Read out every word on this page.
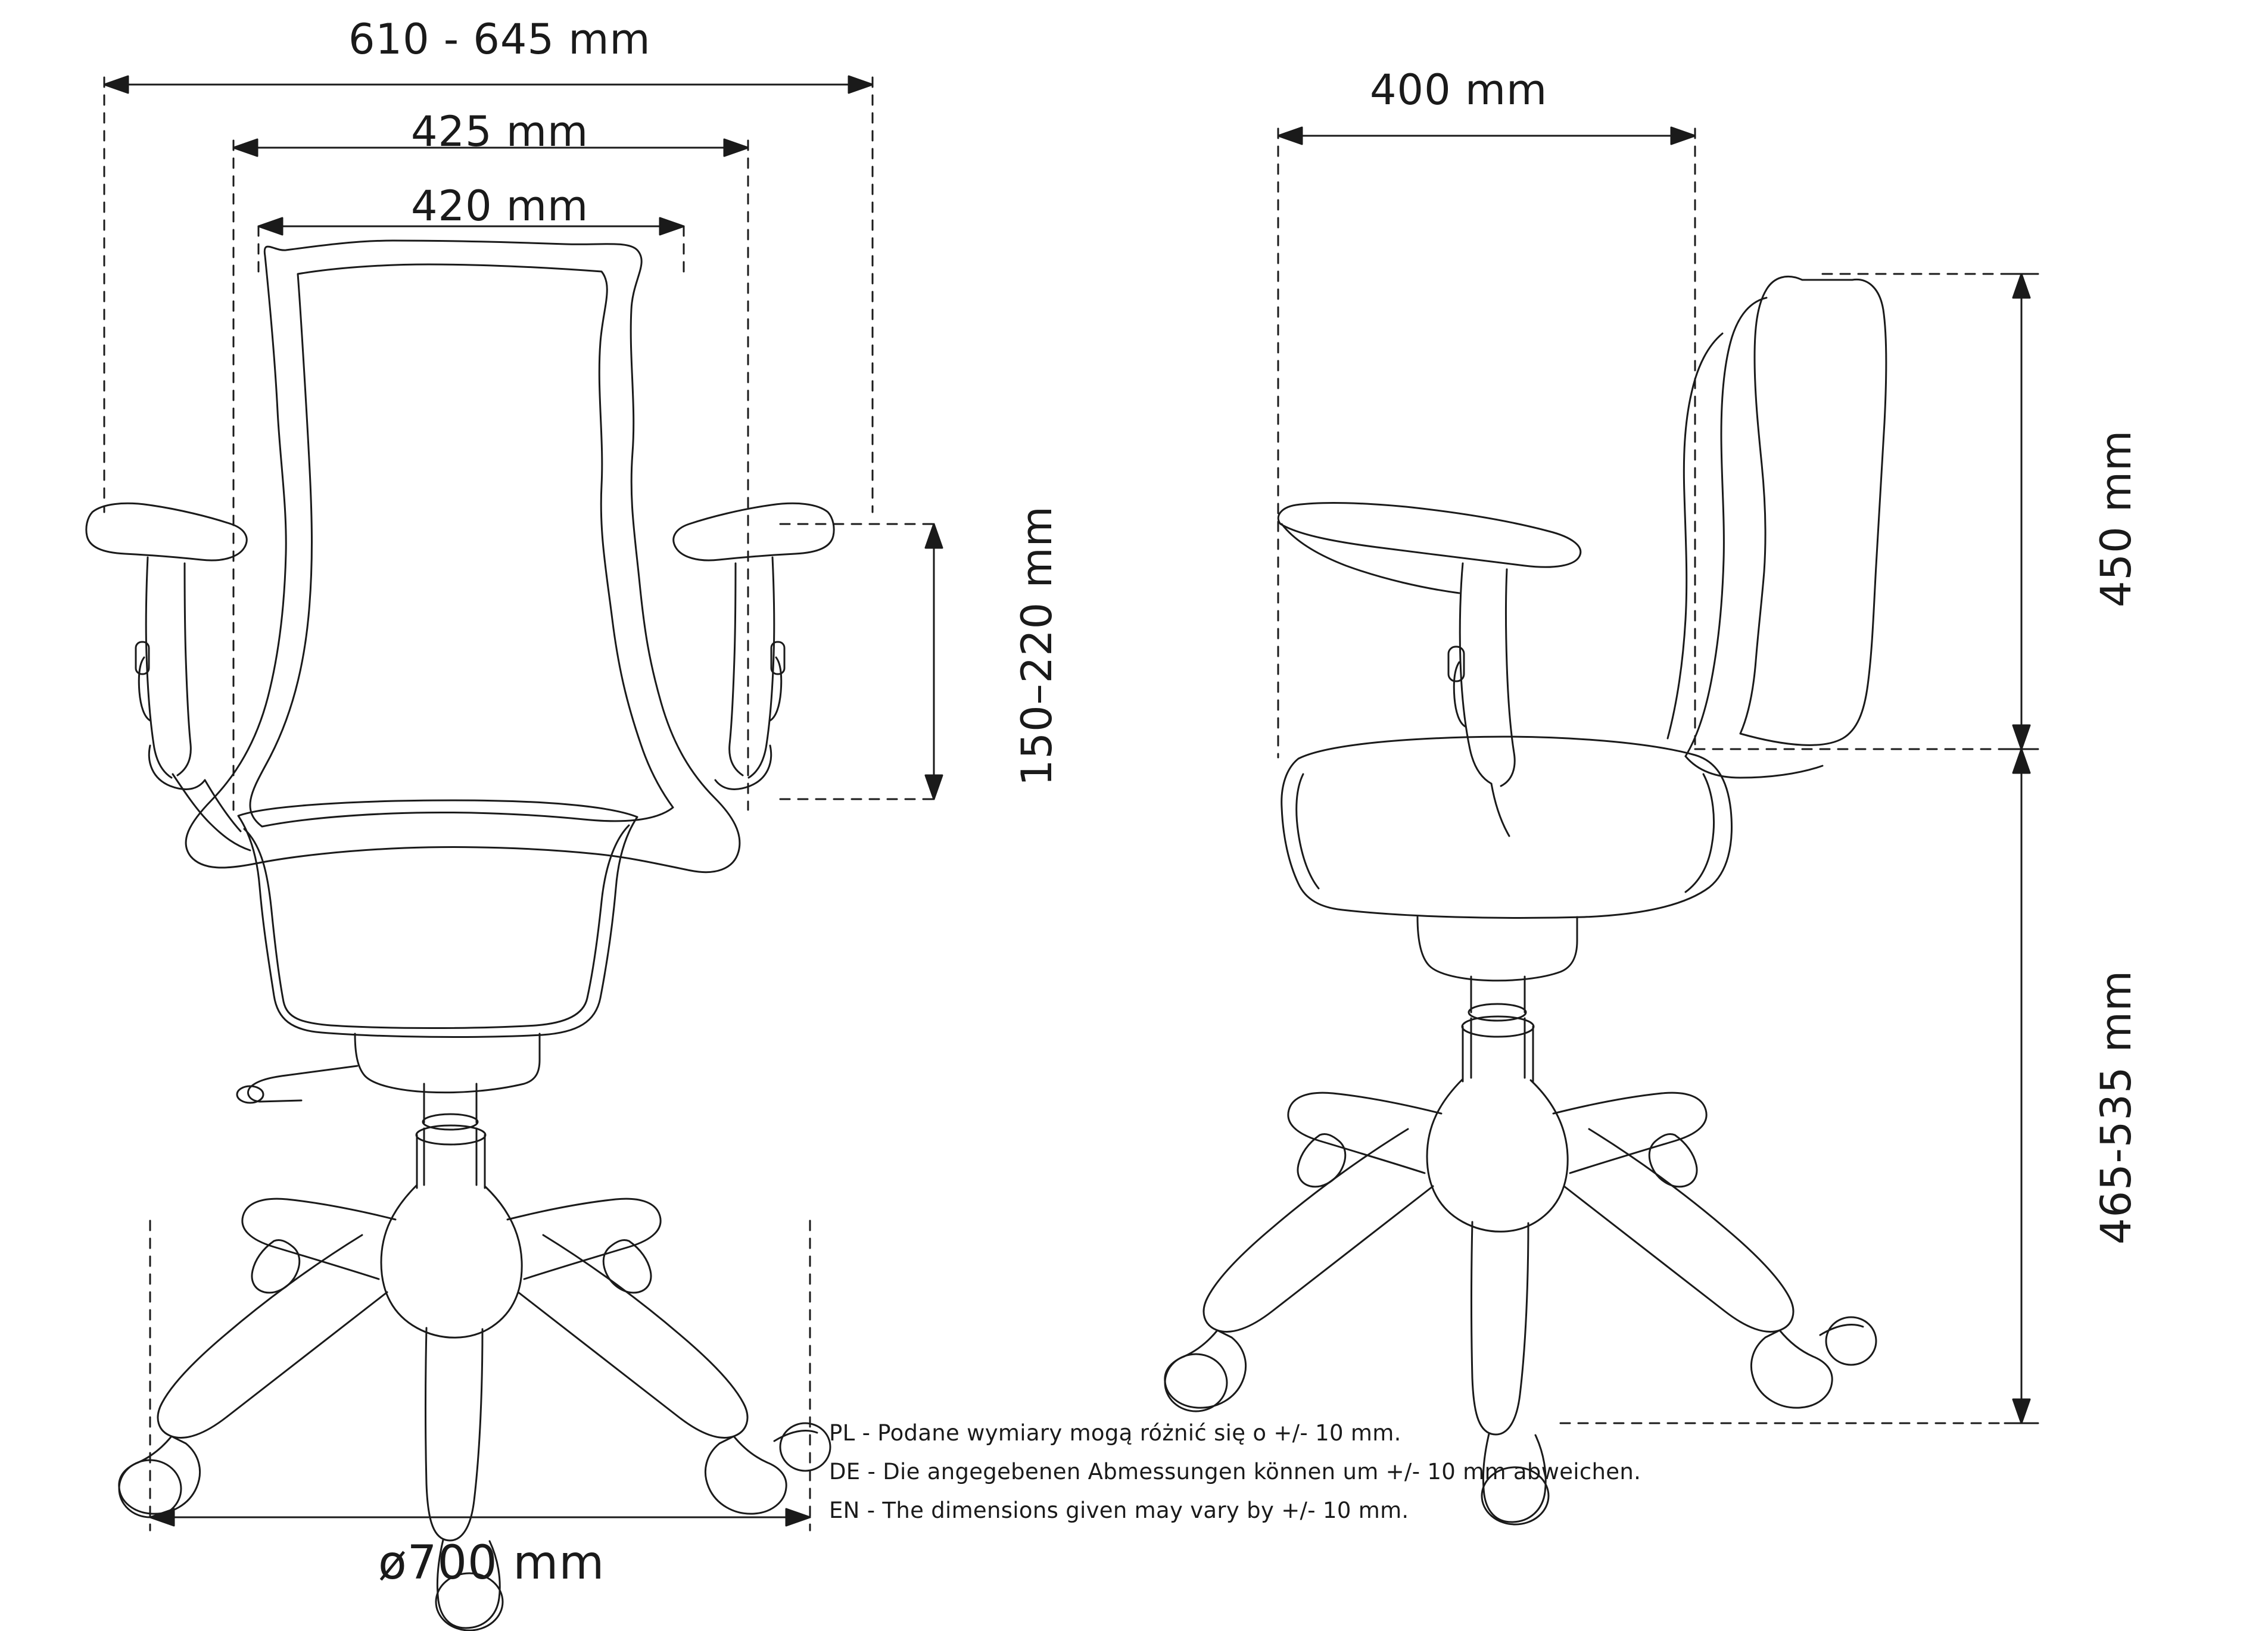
610 - 645 mm
425 mm
420 mm
150–220 mm
ø700 mm
400 mm
450 mm
465-535 mm
PL - Podane wymiary mogą różnić się o +/- 10 mm.
DE - Die angegebenen Abmessungen können um +/- 10 mm abweichen.
EN - The dimensions given may vary by +/- 10 mm.
